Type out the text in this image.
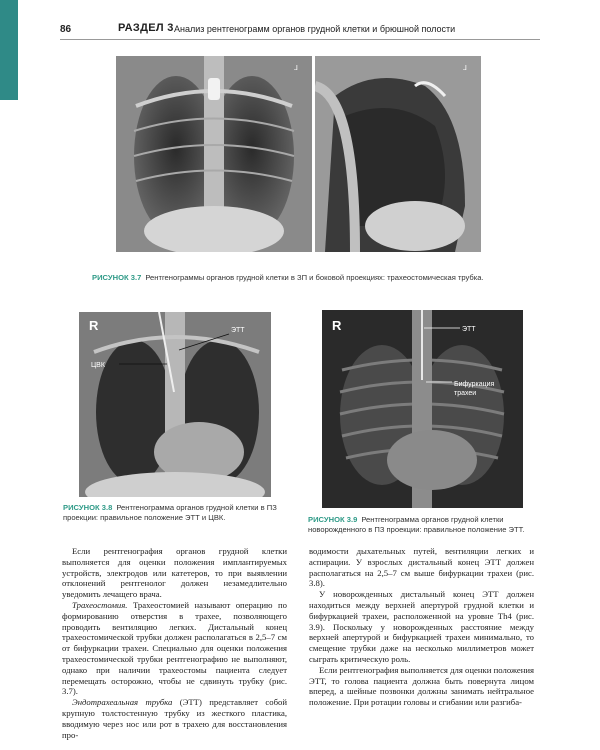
86	РАЗДЕЛ 3 Анализ рентгенограмм органов грудной клетки и брюшной полости
⅃	⅃
РИСУНОК 3.7 Рентгенограммы органов грудной клетки в ЗП и боковой проекциях: трахеостомическая трубка.
R	ЭТТ
ЦВК
РИСУНОК 3.8 Рентгенограмма органов грудной клетки в ПЗ проекции: правильное положение ЭТТ и ЦВК.
R	ЭТТ
Бифуркация
трахеи
РИСУНОК 3.9 Рентгенограмма органов грудной клетки новорожденного в ПЗ проекции: правильное положение ЭТТ.

Если рентгенография органов грудной клетки выполняется для оценки положения имплантируемых устройств, электродов или катетеров, то при выявлении отклонений рентгенолог должен незамедлительно уведомить лечащего врача.

Трахеостомия. Трахеостомией называют операцию по формированию отверстия в трахее, позволяющего проводить вентиляцию легких. Дистальный конец трахеостомической трубки должен располагаться в 2,5–7 см от бифуркации трахеи. Специально для оценки положения трахеостомической трубки рентгенографию не выполняют, однако при наличии трахеостомы пациента следует перемещать осторожно, чтобы не сдвинуть трубку (рис. 3.7).

Эндотрахеальная трубка (ЭТТ) представляет собой крупную толстостенную трубку из жесткого пластика, вводимую через нос или рот в трахею для восстановления про-

водимости дыхательных путей, вентиляции легких и аспирации. У взрослых дистальный конец ЭТТ должен располагаться на 2,5–7 см выше бифуркации трахеи (рис. 3.8).

У новорожденных дистальный конец ЭТТ должен находиться между верхней апертурой грудной клетки и бифуркацией трахеи, расположенной на уровне Th4 (рис. 3.9). Поскольку у новорожденных расстояние между верхней апертурой и бифуркацией трахеи минимально, то смещение трубки даже на несколько миллиметров может сыграть критическую роль.

Если рентгенография выполняется для оценки положения ЭТТ, то голова пациента должна быть повернута лицом вперед, а шейные позвонки должны занимать нейтральное положение. При ротации головы и сгибании или разгиба-
